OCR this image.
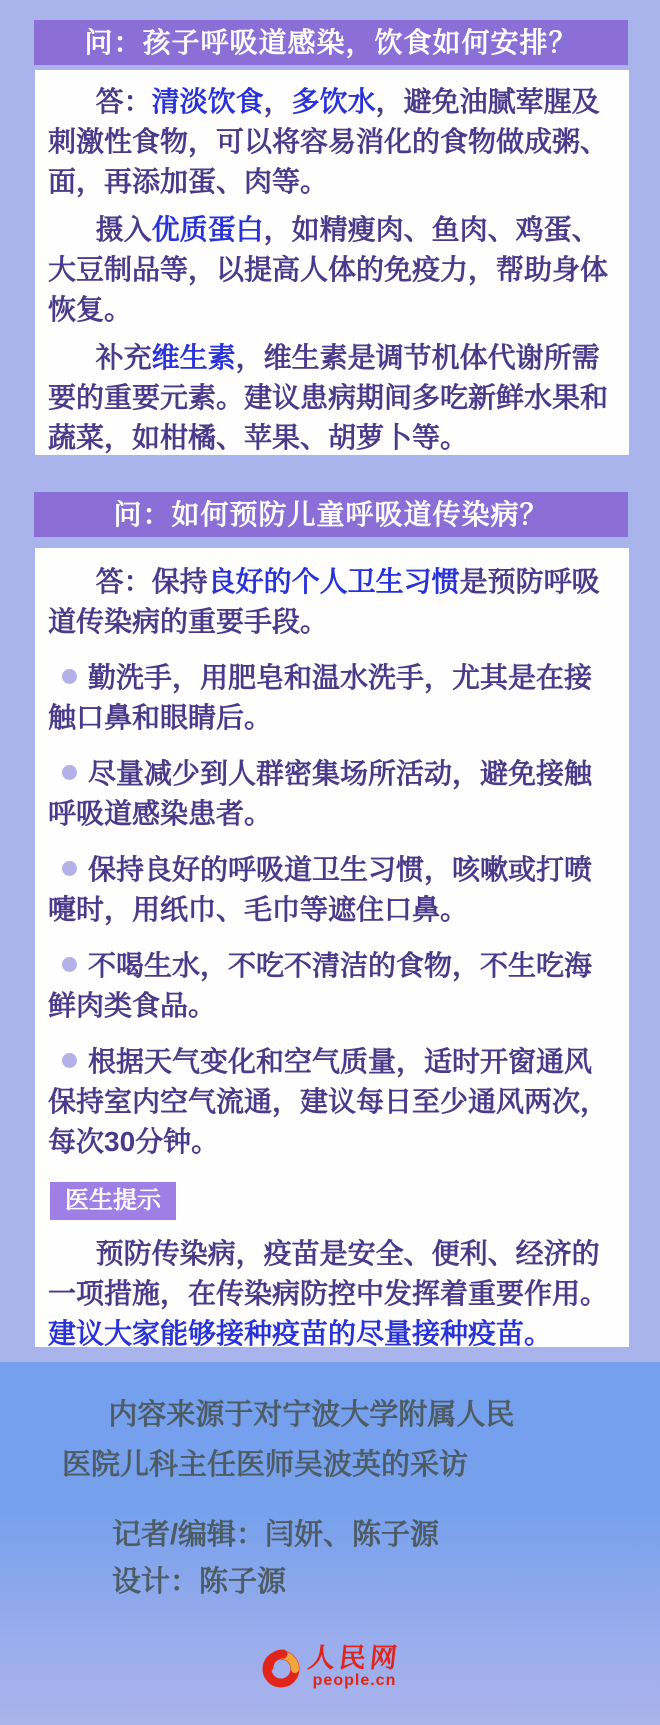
问：孩子呼吸道感染，饮食如何安排？

答：清淡饮食，多饮水，避免油腻荤腥及刺激性食物，可以将容易消化的食物做成粥、面，再添加蛋、肉等。

摄入优质蛋白，如精瘦肉、鱼肉、鸡蛋、大豆制品等，以提高人体的免疫力，帮助身体恢复。

补充维生素，维生素是调节机体代谢所需要的重要元素。建议患病期间多吃新鲜水果和蔬菜，如柑橘、苹果、胡萝卜等。

问：如何预防儿童呼吸道传染病？

答：保持良好的个人卫生习惯是预防呼吸道传染病的重要手段。

勤洗手，用肥皂和温水洗手，尤其是在接触口鼻和眼睛后。
尽量减少到人群密集场所活动，避免接触呼吸道感染患者。
保持良好的呼吸道卫生习惯，咳嗽或打喷嚏时，用纸巾、毛巾等遮住口鼻。
不喝生水，不吃不清洁的食物，不生吃海鲜肉类食品。
根据天气变化和空气质量，适时开窗通风保持室内空气流通，建议每日至少通风两次，每次30分钟。
医生提示

预防传染病，疫苗是安全、便利、经济的一项措施，在传染病防控中发挥着重要作用。建议大家能够接种疫苗的尽量接种疫苗。

内容来源于对宁波大学附属人民医院儿科主任医师吴波英的采访

记者/编辑：闫妍、陈子源
设计：陈子源
人民网
people.cn
